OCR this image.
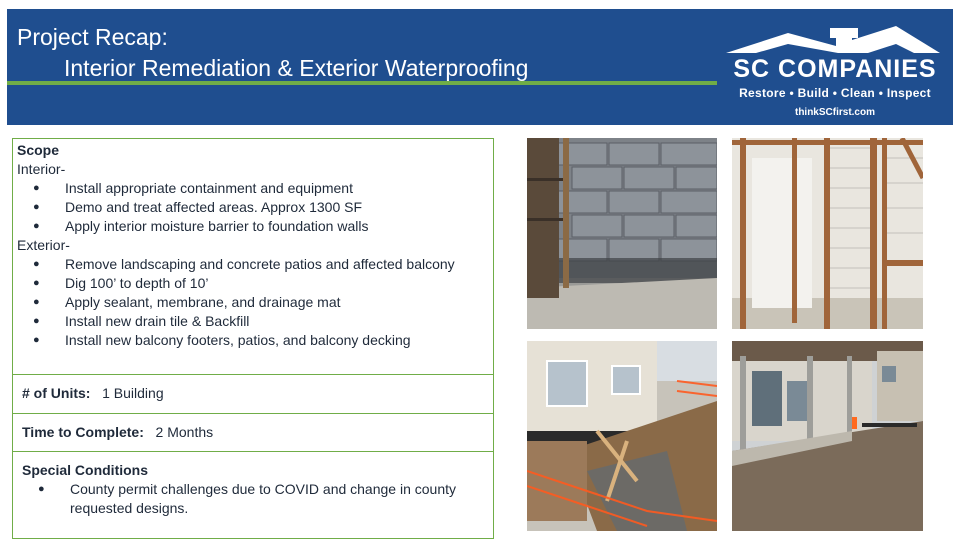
Project Recap:
Interior Remediation & Exterior Waterproofing	SC COMPANIES
Restore • Build • Clean • Inspect
thinkSCfirst.com
Scope
Interior-
● Install appropriate containment and equipment
● Demo and treat affected areas. Approx 1300 SF
● Apply interior moisture barrier to foundation walls
Exterior-
● Remove landscaping and concrete patios and affected balcony
● Dig 100’ to depth of 10’
● Apply sealant, membrane, and drainage mat
● Install new drain tile & Backfill
● Install new balcony footers, patios, and balcony decking
# of Units: 1 Building
Time to Complete: 2 Months
Special Conditions
● County permit challenges due to COVID and change in county requested designs.
